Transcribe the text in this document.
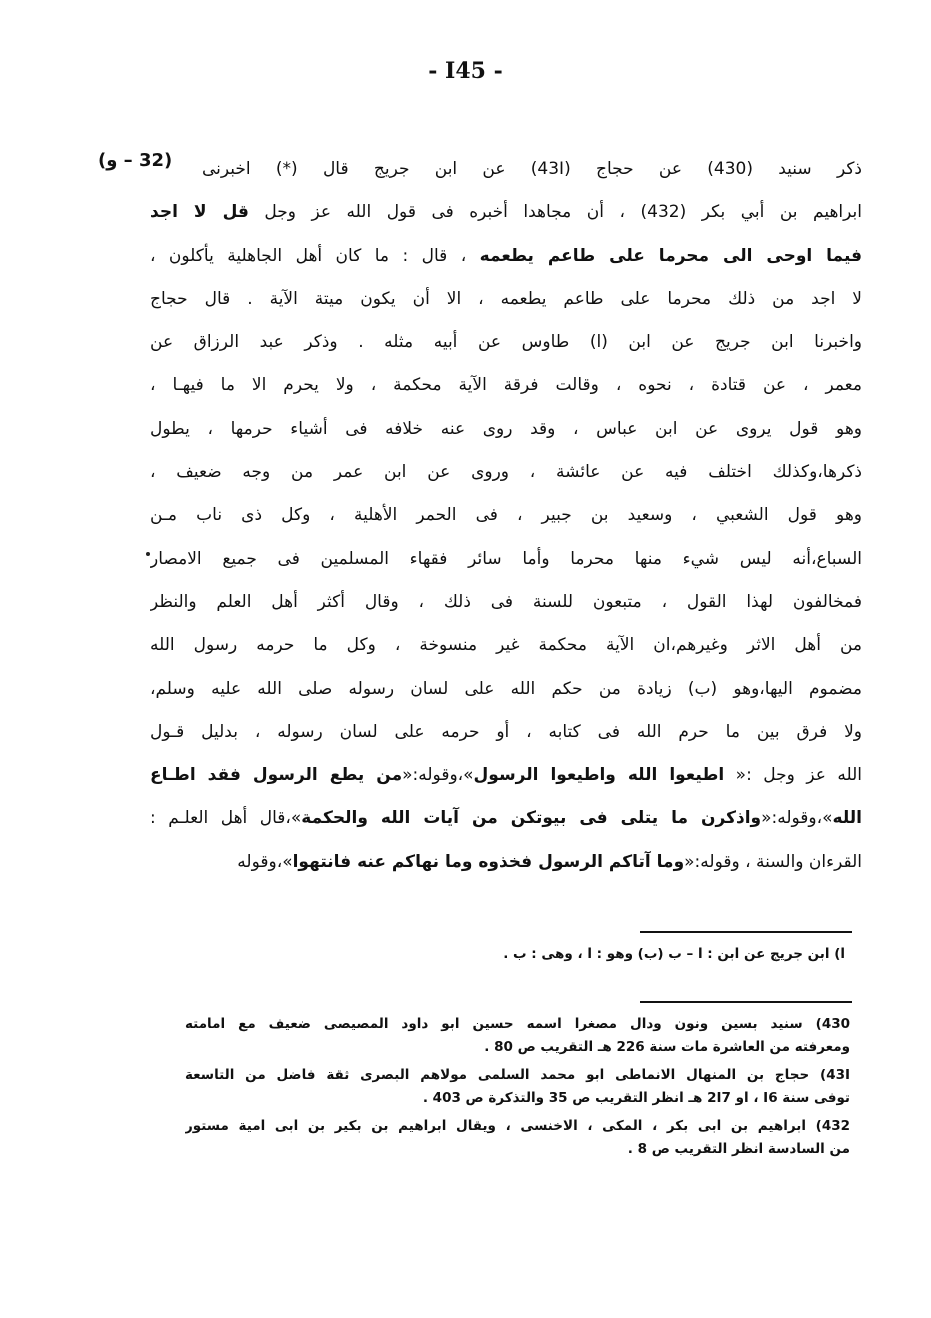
- I45 -
(32 – و)	ذكر سنيد (430) عن حجاج (43I) عن ابن جريج قال (*) اخبرنى
ابراهيم بن أبي بكر (432) ، أن مجاهدا أخبره فى قول الله عز وجل قل لا اجد
فيما اوحى الى محرما على طاعم يطعمه ، قال : ما كان أهل الجاهلية يأكلون ،
لا اجد من ذلك محرما على طاعم يطعمه ، الا أن يكون ميتة الآية . قال حجاج
واخبرنا ابن جريج عن ابن (ا) طاوس عن أبيه مثله . وذكر عبد الرزاق عن
معمر ، عن قتادة ، نحوه ، وقالت فرقة الآية محكمة ، ولا يحرم الا ما فيهـا ،
وهو قول يروى عن ابن عباس ، وقد روى عنه خلافه فى أشياء حرمها ، يطول
ذكرها،وكذلك اختلف فيه عن عائشة ، وروى عن ابن عمر من وجه ضعيف ،
وهو قول الشعبي ، وسعيد بن جبير ، فى الحمر الأهلية ، وكل ذى ناب مـن
السباع،أنه ليس شيء منها محرما وأما سائر فقهاء المسلمين فى جميع الامصار
فمخالفون لهذا القول ، متبعون للسنة فى ذلك ، وقال أكثر أهل العلم والنظر
من أهل الاثر وغيرهم،ان الآية محكمة غير منسوخة ، وكل ما حرمه رسول الله
مضموم اليها،وهو (ب) زيادة من حكم الله على لسان رسوله صلى الله عليه وسلم،
ولا فرق بين ما حرم الله فى كتابه ، أو حرمه على لسان رسوله ، بدليل قـول
الله عز وجل :« اطيعوا الله واطيعوا الرسول»،وقوله:«من يطع الرسول فقد اطـاع
الله»،وقوله:«واذكرن ما يتلى فى بيوتكن من آيات الله والحكمة»،قال أهل العلـم :
القرءان والسنة ، وقوله:«وما آتاكم الرسول فخذوه وما نهاكم عنه فانتهوا»،وقوله
ا) ابن جريج عن ابن : ا – ب (ب) وهو : ا ، وهى : ب .
430) سنيد بسين ونون ودال مصغرا اسمه حسين ابو داود المصيصى ضعيف مع امامته
ومعرفته من العاشرة مات سنة 226 هـ التقريب ص 80 .
43I) حجاج بن المنهال الانماطى ابو محمد السلمى مولاهم البصرى ثقة فاضل من التاسعة
توفى سنة I6 ، او 2I7 هـ انظر التقريب ص 35 والتذكرة ص 403 .
432) ابراهيم بن ابى بكر ، المكى ، الاخنسى ، ويقال ابراهيم بن بكير بن ابى امية مستور
من السادسة انظر التقريب ص 8 .
